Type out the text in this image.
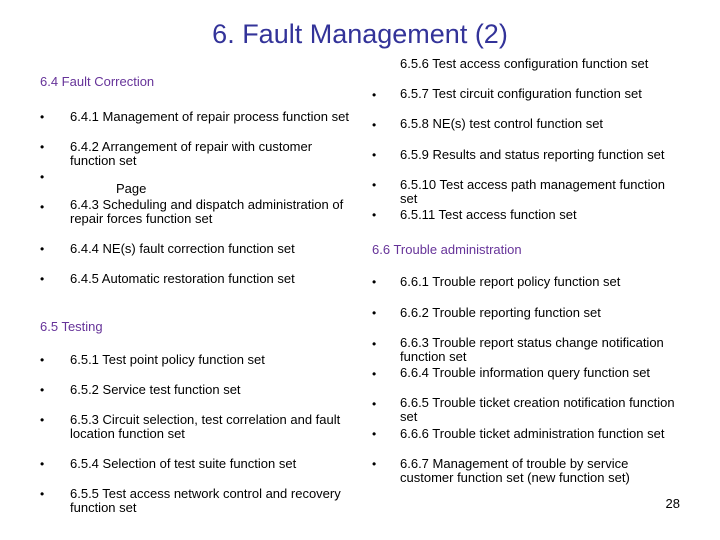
6. Fault Management (2)
6.4 Fault Correction
•
•
•
•
•
•
6.4.1 Management of repair process function set
6.4.2 Arrangement of repair with customer function set
Page
6.4.3 Scheduling and dispatch administration of repair forces function set
6.4.4 NE(s) fault correction function set
6.4.5 Automatic restoration function set
6.5 Testing
•
•
•
•
•
6.5.1 Test point policy function set
6.5.2 Service test function set
6.5.3 Circuit selection, test correlation and fault location function set
6.5.4 Selection of test suite function set
6.5.5 Test access network control and recovery function set
•
•
•
•
•
6.5.6 Test access configuration function set
6.5.7 Test circuit configuration function set
6.5.8 NE(s) test control function set
6.5.9 Results and status reporting function set
6.5.10 Test access path management function set
6.5.11 Test access function set
6.6 Trouble administration
•
•
•
•
•
•
•
6.6.1 Trouble report policy function set
6.6.2 Trouble reporting function set
6.6.3 Trouble report status change notification function set
6.6.4 Trouble information query function set
6.6.5 Trouble ticket creation notification function set
6.6.6 Trouble ticket administration function set
6.6.7 Management of trouble by service customer function set (new function set)
28
